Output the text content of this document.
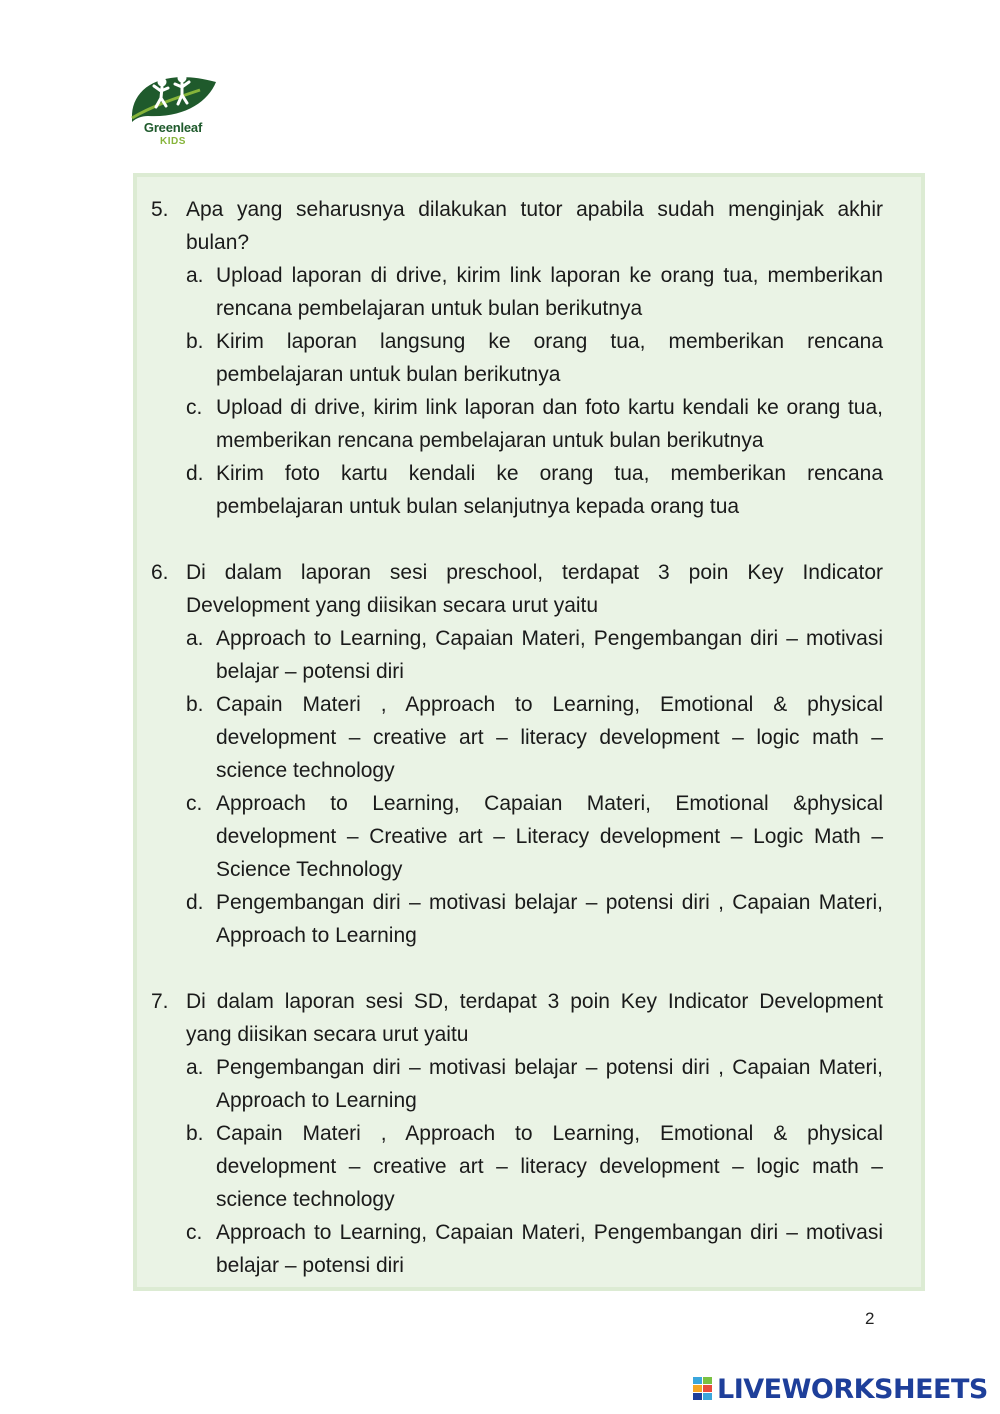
Greenleaf
KIDS
5. Apa yang seharusnya dilakukan tutor apabila sudah menginjak akhir bulan?
a. Upload laporan di drive, kirim link laporan ke orang tua, memberikan rencana pembelajaran untuk bulan berikutnya
b. Kirim laporan langsung ke orang tua, memberikan rencana pembelajaran untuk bulan berikutnya
c. Upload di drive, kirim link laporan dan foto kartu kendali ke orang tua, memberikan rencana pembelajaran untuk bulan berikutnya
d. Kirim foto kartu kendali ke orang tua, memberikan rencana pembelajaran untuk bulan selanjutnya kepada orang tua
6. Di dalam laporan sesi preschool, terdapat 3 poin Key Indicator Development yang diisikan secara urut yaitu
a. Approach to Learning, Capaian Materi, Pengembangan diri – motivasi belajar – potensi diri
b. Capain Materi , Approach to Learning, Emotional & physical development – creative art – literacy development – logic math – science technology
c. Approach to Learning, Capaian Materi, Emotional &physical development – Creative art – Literacy development – Logic Math – Science Technology
d. Pengembangan diri – motivasi belajar – potensi diri , Capaian Materi, Approach to Learning
7. Di dalam laporan sesi SD, terdapat 3 poin Key Indicator Development yang diisikan secara urut yaitu
a. Pengembangan diri – motivasi belajar – potensi diri , Capaian Materi, Approach to Learning
b. Capain Materi , Approach to Learning, Emotional & physical development – creative art – literacy development – logic math – science technology
c. Approach to Learning, Capaian Materi, Pengembangan diri – motivasi belajar – potensi diri
2
LIVEWORKSHEETS
